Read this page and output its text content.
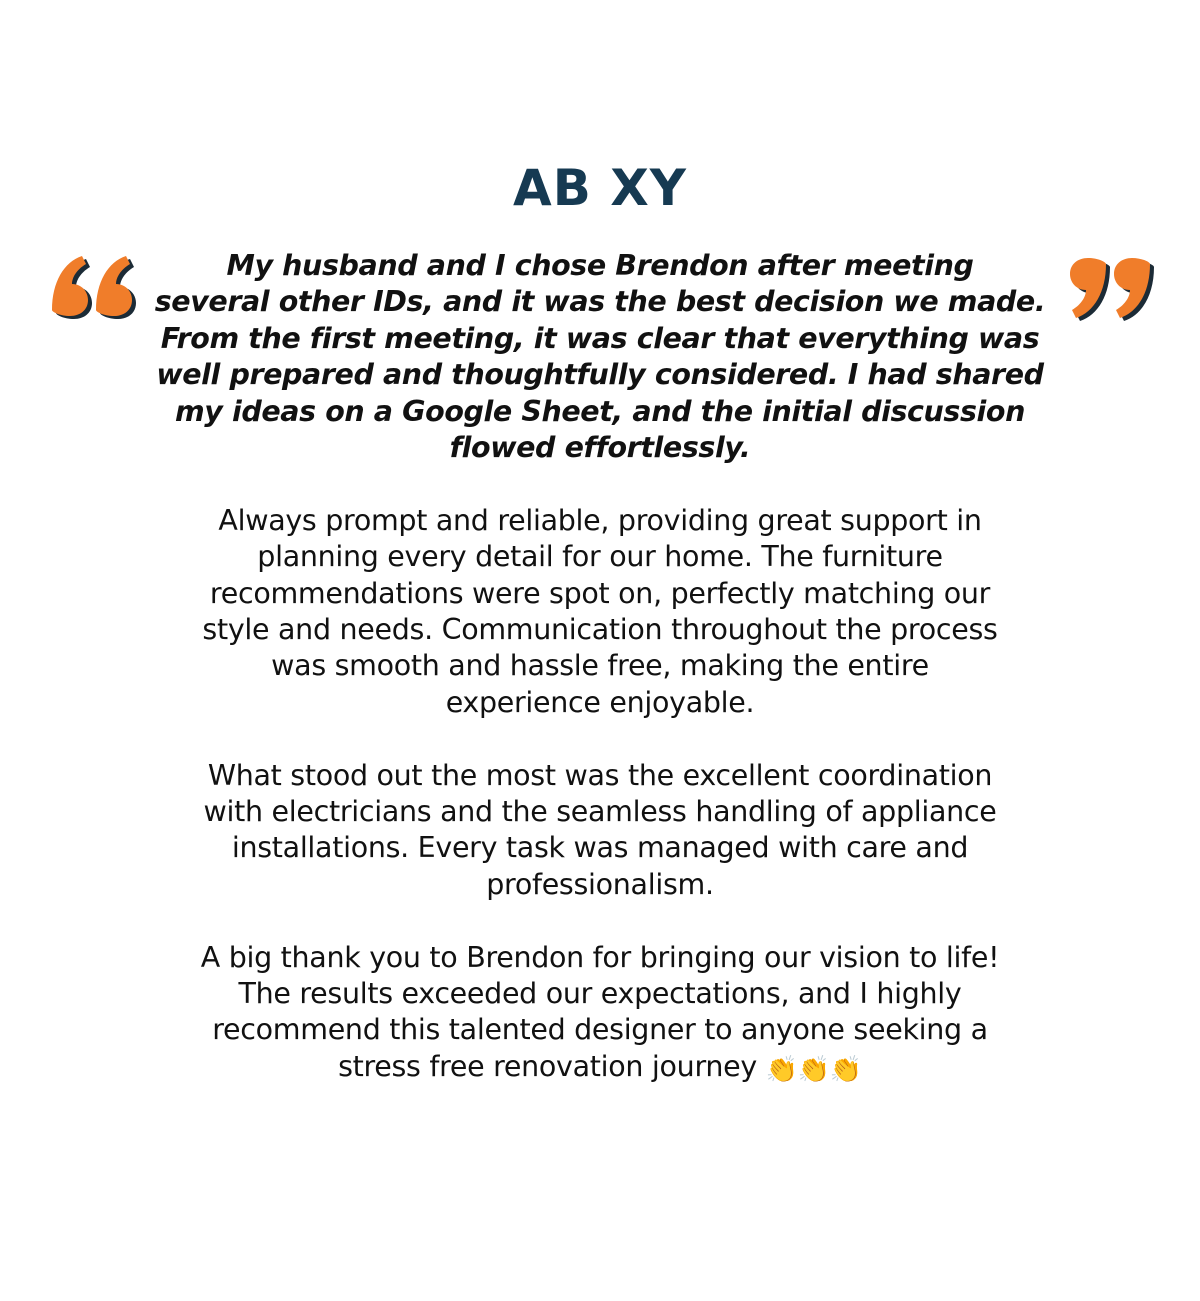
AB XY
My husband and I chose Brendon after meeting
several other IDs, and it was the best decision we made.
From the first meeting, it was clear that everything was
well prepared and thoughtfully considered. I had shared
my ideas on a Google Sheet, and the initial discussion
flowed effortlessly.
Always prompt and reliable, providing great support in
planning every detail for our home. The furniture
recommendations were spot on, perfectly matching our
style and needs. Communication throughout the process
was smooth and hassle free, making the entire
experience enjoyable.
What stood out the most was the excellent coordination
with electricians and the seamless handling of appliance
installations. Every task was managed with care and
professionalism.
A big thank you to Brendon for bringing our vision to life!
The results exceeded our expectations, and I highly
recommend this talented designer to anyone seeking a
stress free renovation journey 👏👏👏
